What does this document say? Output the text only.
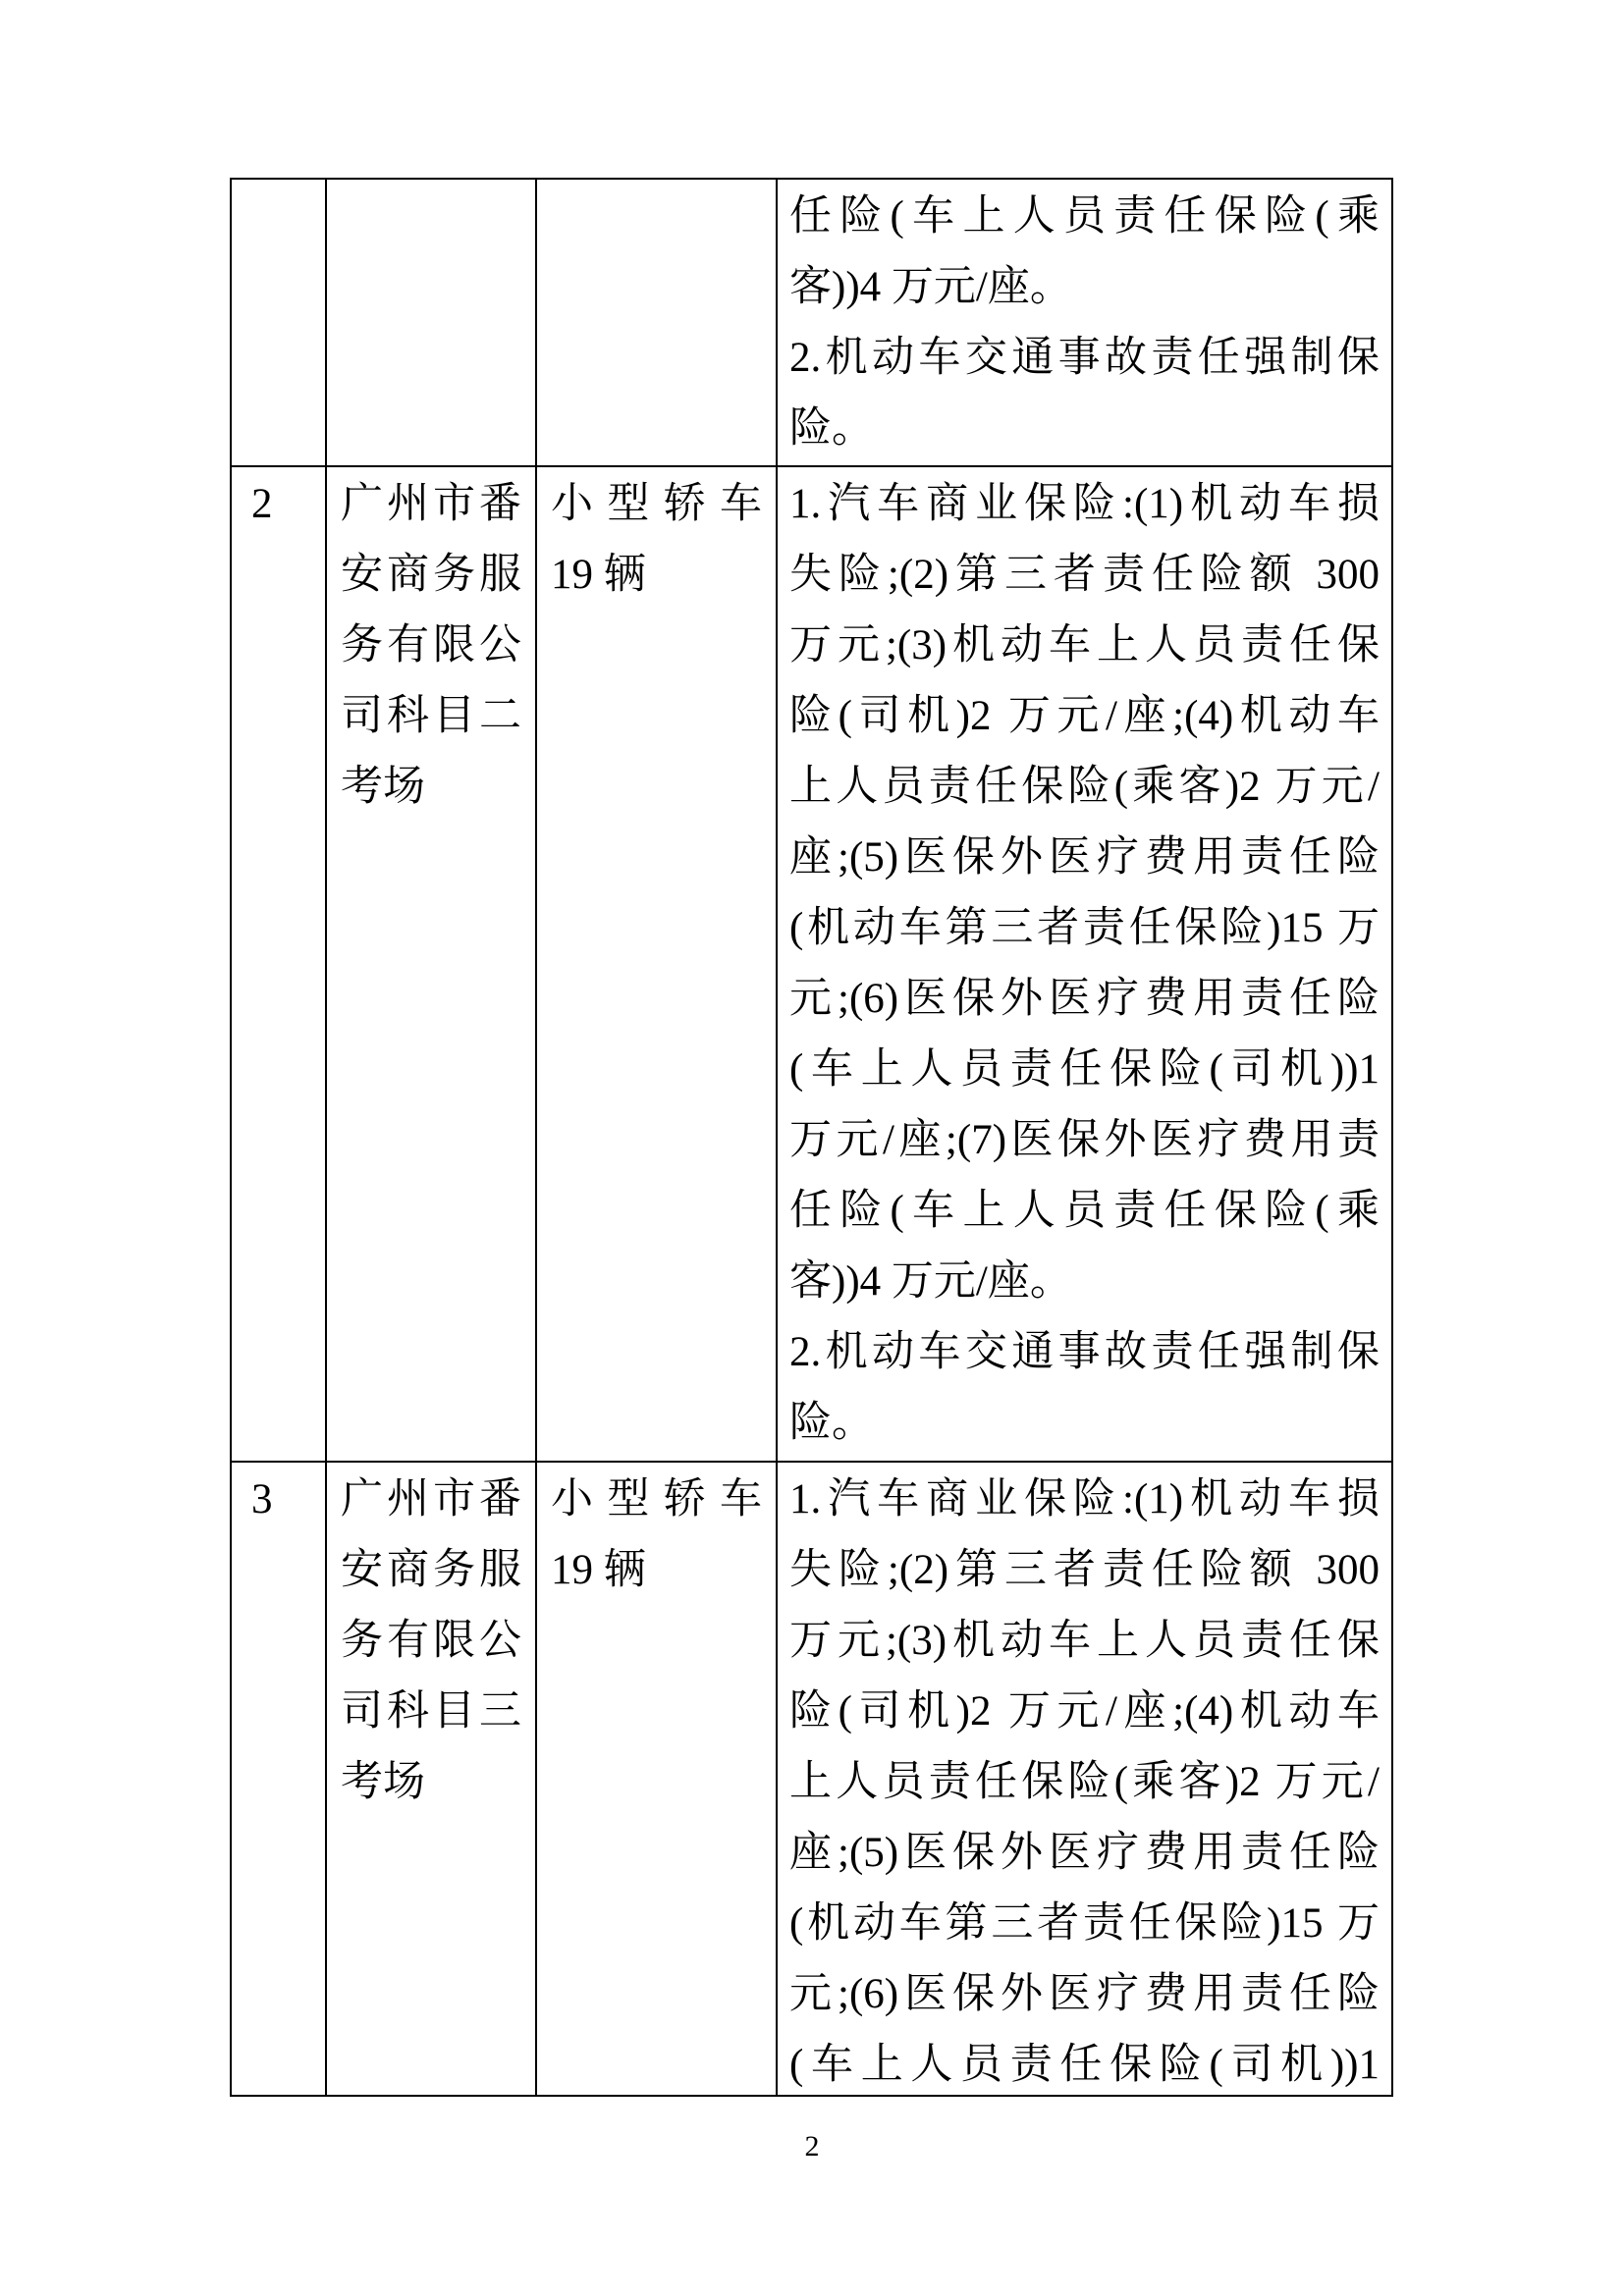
任险(车上人员责任保险(乘
客))4 万元/座。
2.机动车交通事故责任强制保
险。
2	广州市番
安商务服
务有限公
司科目二
考场
小型轿车
19 辆
1.汽车商业保险:(1)机动车损
失险;(2)第三者责任险额 300
万元;(3)机动车上人员责任保
险(司机)2 万元/座;(4)机动车
上人员责任保险(乘客)2 万元/
座;(5)医保外医疗费用责任险
(机动车第三者责任保险)15 万
元;(6)医保外医疗费用责任险
(车上人员责任保险(司机))1
万元/座;(7)医保外医疗费用责
任险(车上人员责任保险(乘
客))4 万元/座。
2.机动车交通事故责任强制保
险。
3	广州市番
安商务服
务有限公
司科目三
考场
小型轿车
19 辆
1.汽车商业保险:(1)机动车损
失险;(2)第三者责任险额 300
万元;(3)机动车上人员责任保
险(司机)2 万元/座;(4)机动车
上人员责任保险(乘客)2 万元/
座;(5)医保外医疗费用责任险
(机动车第三者责任保险)15 万
元;(6)医保外医疗费用责任险
(车上人员责任保险(司机))1
2
